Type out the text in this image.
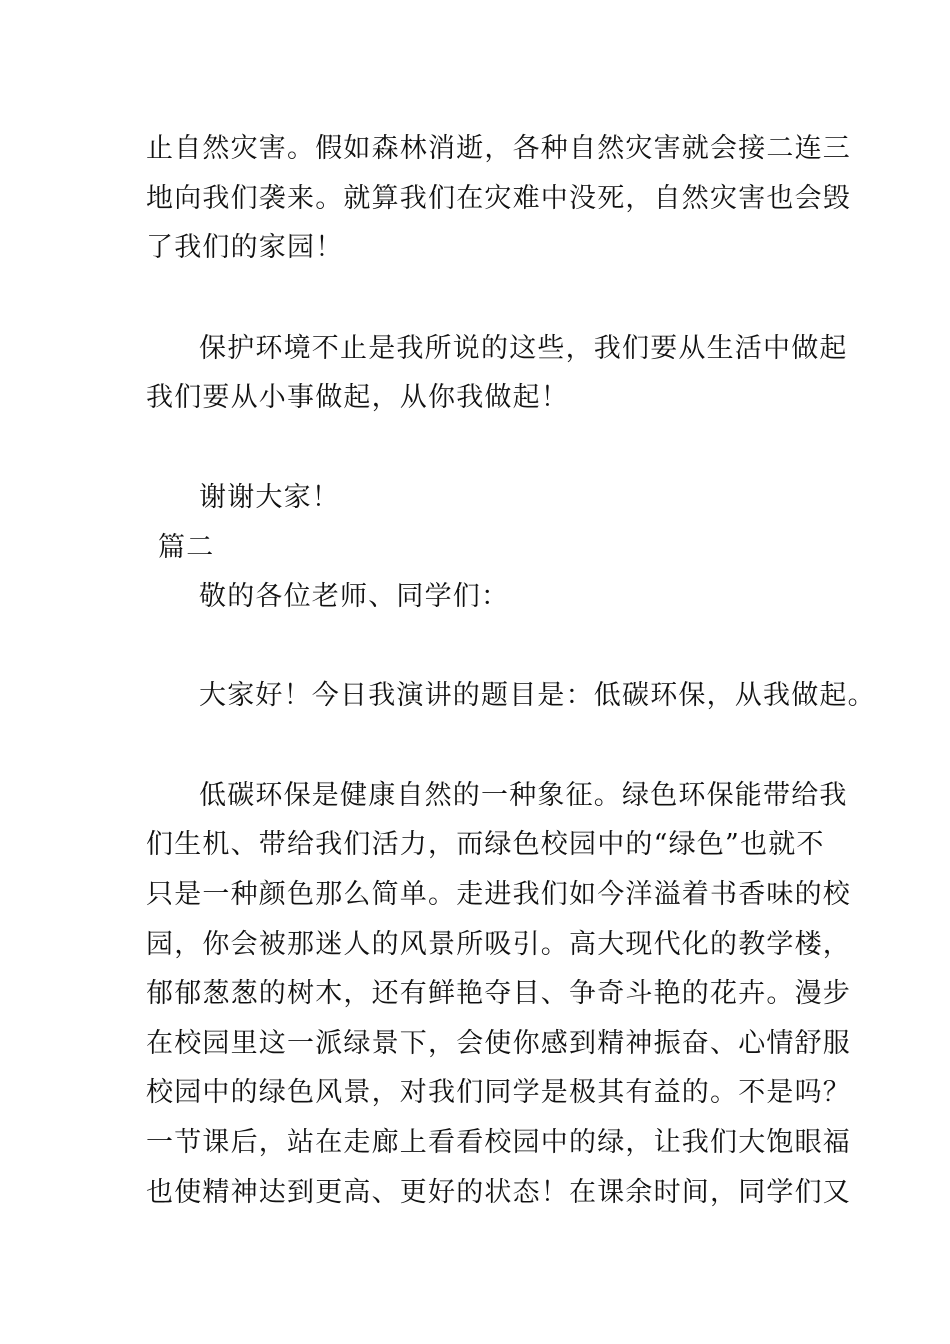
止自然灾害。假如森林消逝，各种自然灾害就会接二连三
地向我们袭来。就算我们在灾难中没死，自然灾害也会毁
了我们的家园！
保护环境不止是我所说的这些，我们要从生活中做起
我们要从小事做起，从你我做起！
谢谢大家！
篇二
敬的各位老师、同学们：
大家好！今日我演讲的题目是：低碳环保，从我做起。
低碳环保是健康自然的一种象征。绿色环保能带给我
们生机、带给我们活力，而绿色校园中的“绿色”也就不
只是一种颜色那么简单。走进我们如今洋溢着书香味的校
园，你会被那迷人的风景所吸引。高大现代化的教学楼，
郁郁葱葱的树木，还有鲜艳夺目、争奇斗艳的花卉。漫步
在校园里这一派绿景下，会使你感到精神振奋、心情舒服
校园中的绿色风景，对我们同学是极其有益的。不是吗？
一节课后，站在走廊上看看校园中的绿，让我们大饱眼福
也使精神达到更高、更好的状态！在课余时间，同学们又
